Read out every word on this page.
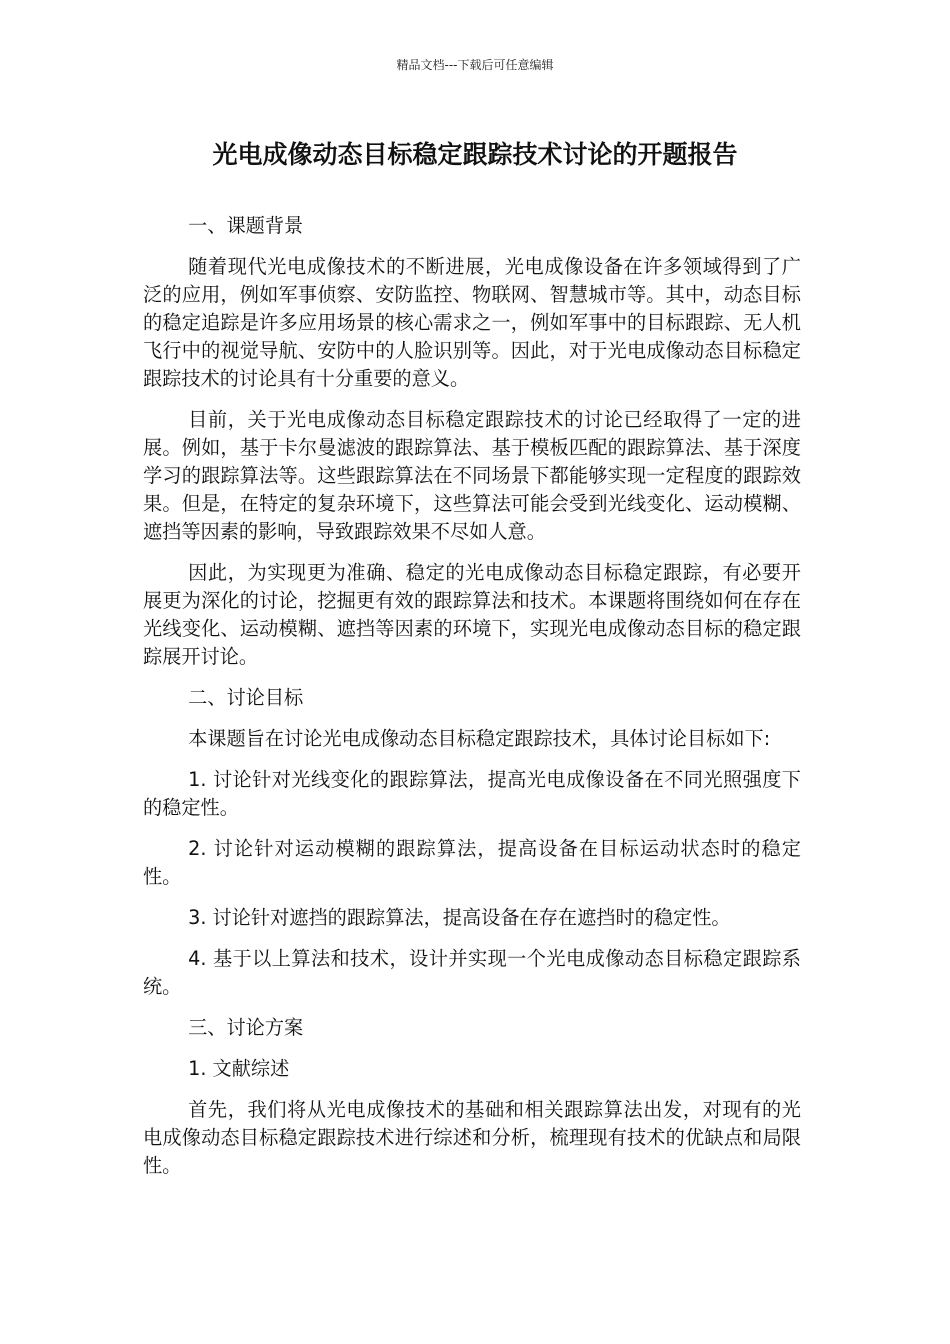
精品文档---下载后可任意编辑
光电成像动态目标稳定跟踪技术讨论的开题报告

一、课题背景

随着现代光电成像技术的不断进展，光电成像设备在许多领域得到了广泛的应用，例如军事侦察、安防监控、物联网、智慧城市等。其中，动态目标的稳定追踪是许多应用场景的核心需求之一，例如军事中的目标跟踪、无人机飞行中的视觉导航、安防中的人脸识别等。因此，对于光电成像动态目标稳定跟踪技术的讨论具有十分重要的意义。

目前，关于光电成像动态目标稳定跟踪技术的讨论已经取得了一定的进展。例如，基于卡尔曼滤波的跟踪算法、基于模板匹配的跟踪算法、基于深度学习的跟踪算法等。这些跟踪算法在不同场景下都能够实现一定程度的跟踪效果。但是，在特定的复杂环境下，这些算法可能会受到光线变化、运动模糊、遮挡等因素的影响，导致跟踪效果不尽如人意。

因此，为实现更为准确、稳定的光电成像动态目标稳定跟踪，有必要开展更为深化的讨论，挖掘更有效的跟踪算法和技术。本课题将围绕如何在存在光线变化、运动模糊、遮挡等因素的环境下，实现光电成像动态目标的稳定跟踪展开讨论。

二、讨论目标

本课题旨在讨论光电成像动态目标稳定跟踪技术，具体讨论目标如下:

1. 讨论针对光线变化的跟踪算法，提高光电成像设备在不同光照强度下的稳定性。

2. 讨论针对运动模糊的跟踪算法，提高设备在目标运动状态时的稳定性。

3. 讨论针对遮挡的跟踪算法，提高设备在存在遮挡时的稳定性。

4. 基于以上算法和技术，设计并实现一个光电成像动态目标稳定跟踪系统。

三、讨论方案

1. 文献综述

首先，我们将从光电成像技术的基础和相关跟踪算法出发，对现有的光电成像动态目标稳定跟踪技术进行综述和分析，梳理现有技术的优缺点和局限性。
